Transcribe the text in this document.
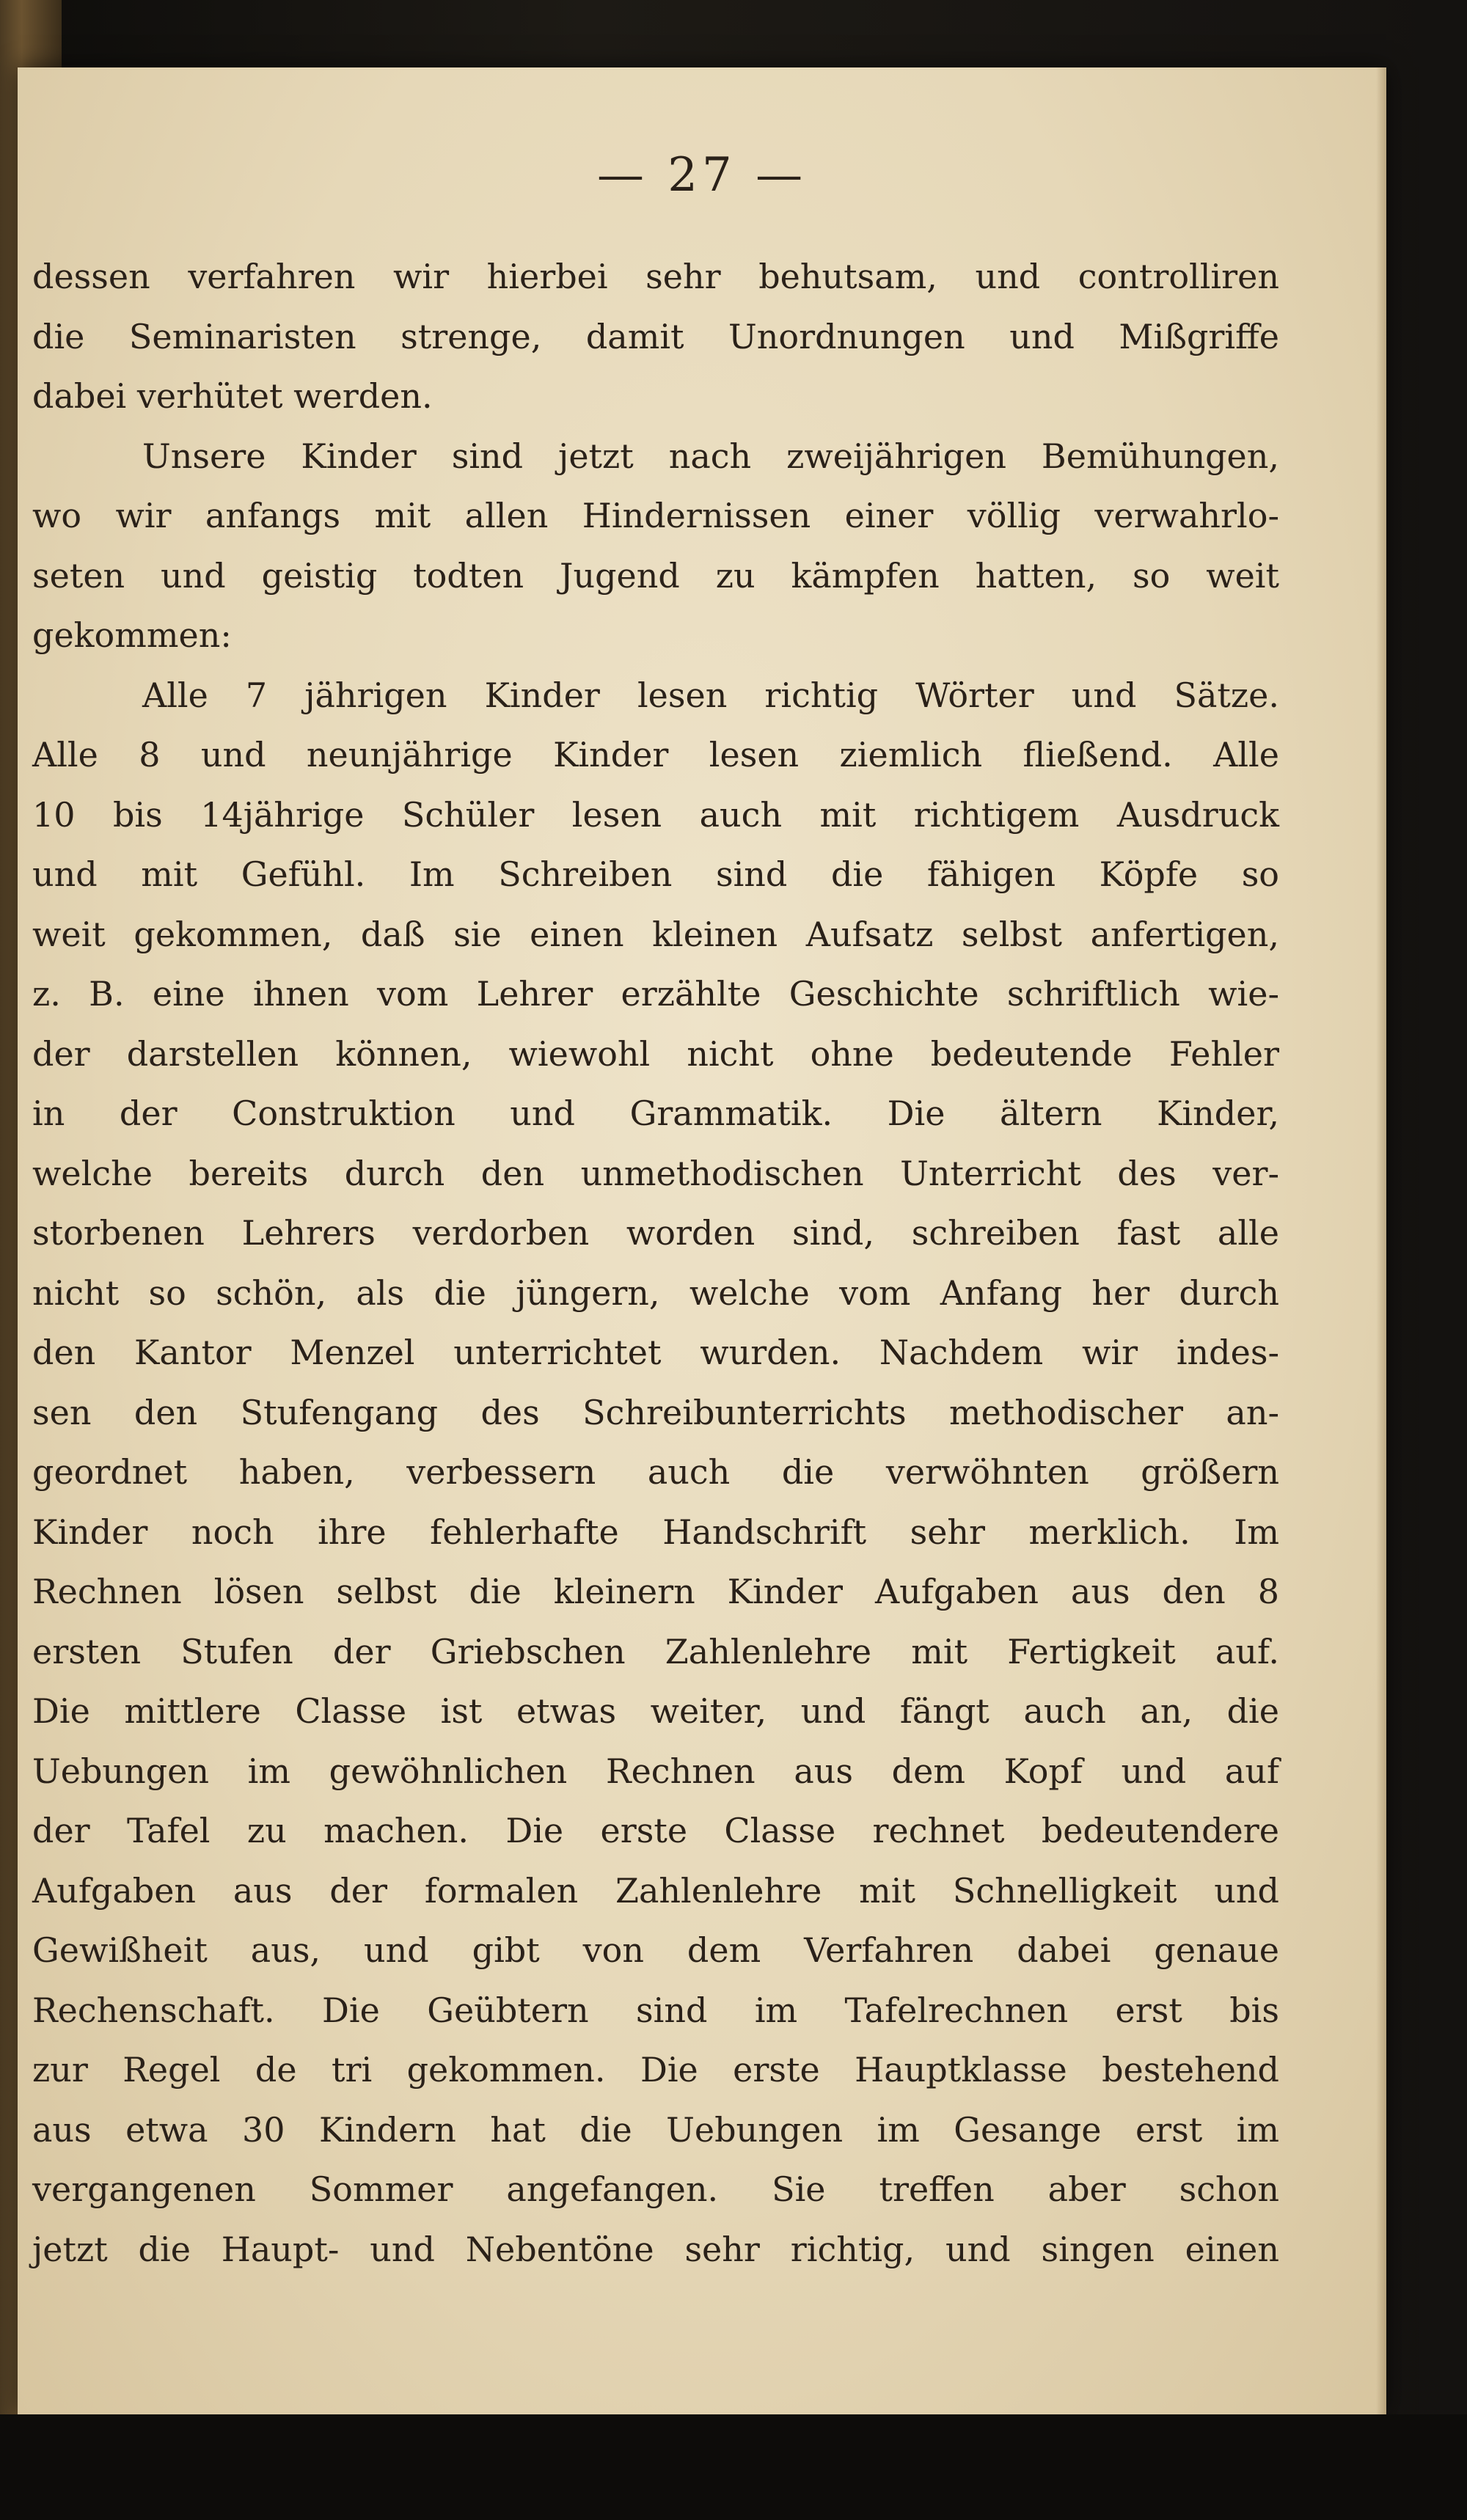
— 27 —
dessen verfahren wir hierbei sehr behutsam, und controlliren
die Seminaristen strenge, damit Unordnungen und Mißgriffe
dabei verhütet werden.
Unsere Kinder sind jetzt nach zweijährigen Bemühungen,
wo wir anfangs mit allen Hindernissen einer völlig verwahrlo-
seten und geistig todten Jugend zu kämpfen hatten, so weit
gekommen:
Alle 7 jährigen Kinder lesen richtig Wörter und Sätze.
Alle 8 und neunjährige Kinder lesen ziemlich fließend. Alle
10 bis 14jährige Schüler lesen auch mit richtigem Ausdruck
und mit Gefühl. Im Schreiben sind die fähigen Köpfe so
weit gekommen, daß sie einen kleinen Aufsatz selbst anfertigen,
z. B. eine ihnen vom Lehrer erzählte Geschichte schriftlich wie-
der darstellen können, wiewohl nicht ohne bedeutende Fehler
in der Construktion und Grammatik. Die ältern Kinder,
welche bereits durch den unmethodischen Unterricht des ver-
storbenen Lehrers verdorben worden sind, schreiben fast alle
nicht so schön, als die jüngern, welche vom Anfang her durch
den Kantor Menzel unterrichtet wurden. Nachdem wir indes-
sen den Stufengang des Schreibunterrichts methodischer an-
geordnet haben, verbessern auch die verwöhnten größern
Kinder noch ihre fehlerhafte Handschrift sehr merklich. Im
Rechnen lösen selbst die kleinern Kinder Aufgaben aus den 8
ersten Stufen der Griebschen Zahlenlehre mit Fertigkeit auf.
Die mittlere Classe ist etwas weiter, und fängt auch an, die
Uebungen im gewöhnlichen Rechnen aus dem Kopf und auf
der Tafel zu machen. Die erste Classe rechnet bedeutendere
Aufgaben aus der formalen Zahlenlehre mit Schnelligkeit und
Gewißheit aus, und gibt von dem Verfahren dabei genaue
Rechenschaft. Die Geübtern sind im Tafelrechnen erst bis
zur Regel de tri gekommen. Die erste Hauptklasse bestehend
aus etwa 30 Kindern hat die Uebungen im Gesange erst im
vergangenen Sommer angefangen. Sie treffen aber schon
jetzt die Haupt- und Nebentöne sehr richtig, und singen einen
